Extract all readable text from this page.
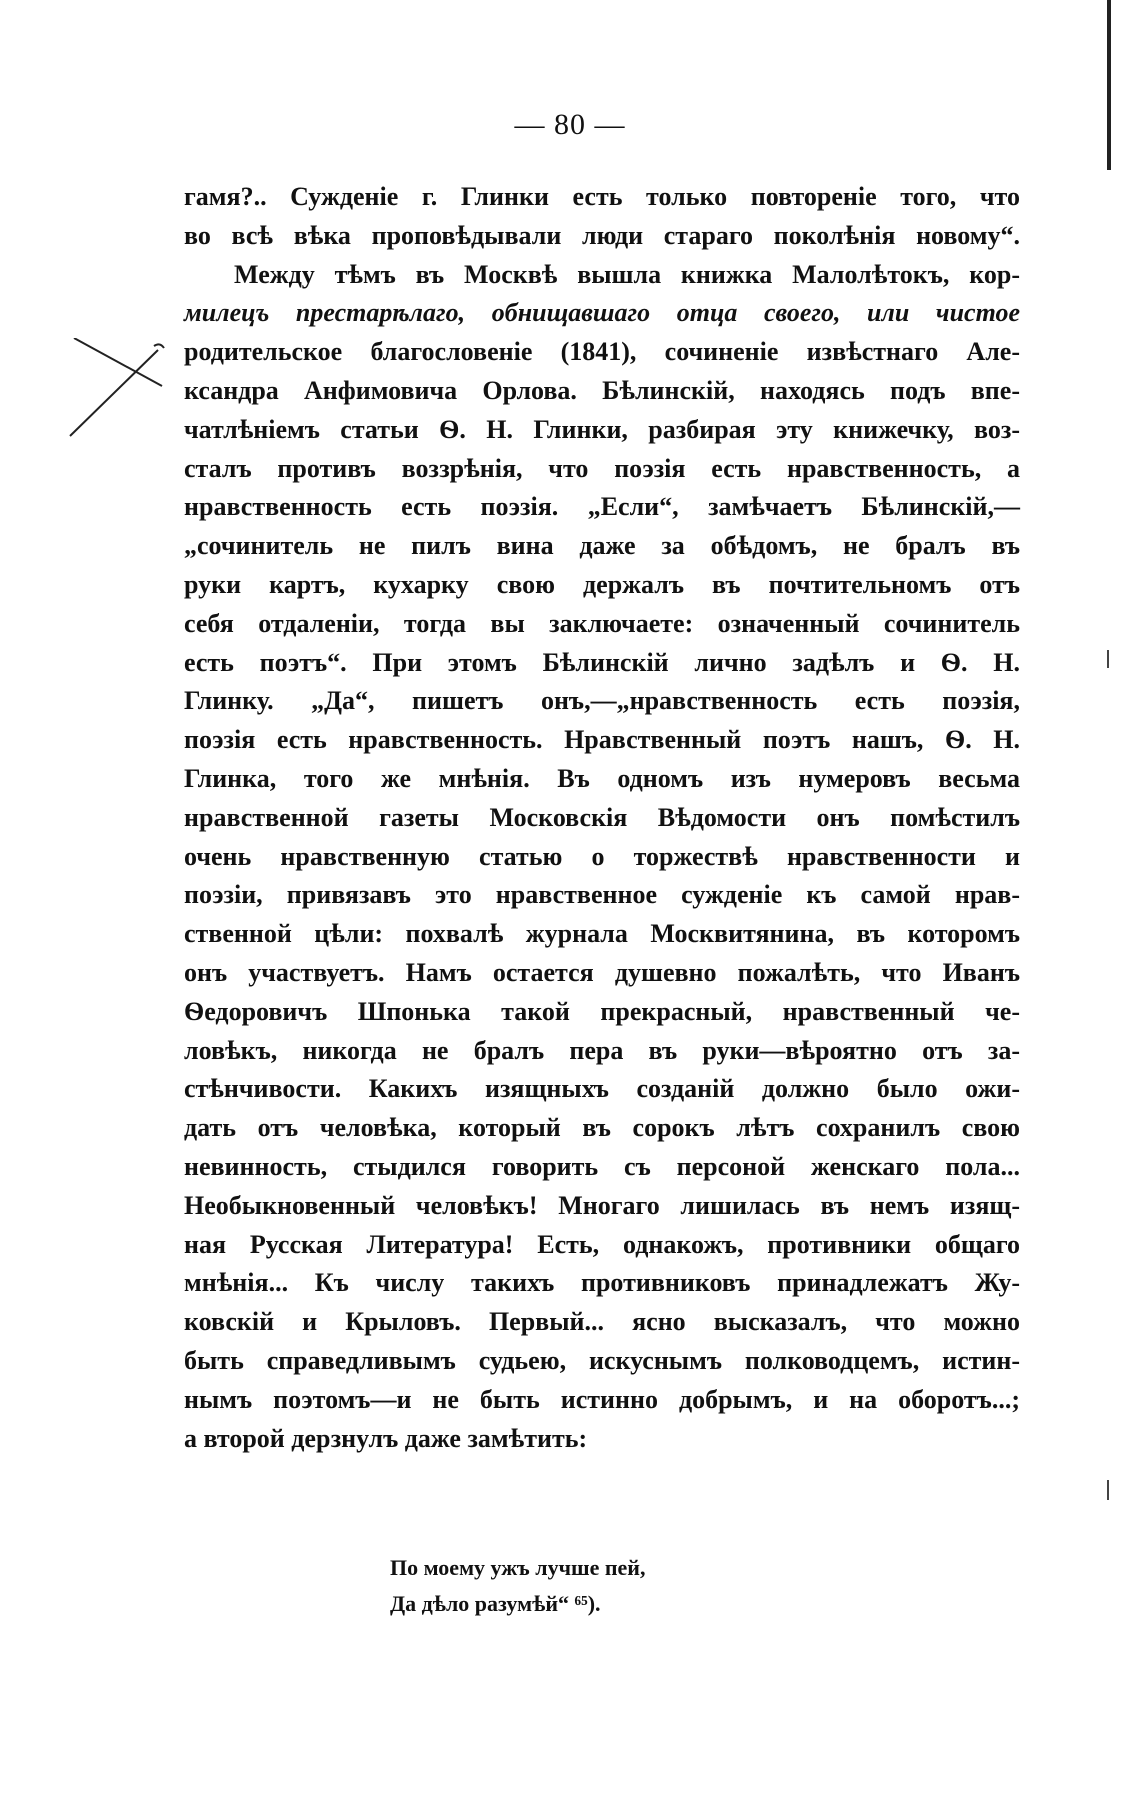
— 80 —
гамя?.. Сужденіе г. Глинки есть только повтореніе того, что
во всѣ вѣка проповѣдывали люди стараго поколѣнія новому“.
Между тѣмъ въ Москвѣ вышла книжка Малолѣтокъ, кор-
милецъ престарѣлаго, обнищавшаго отца своего, или чистое
родительское благословеніе (1841), сочиненіе извѣстнаго Але-
ксандра Анфимовича Орлова. Бѣлинскій, находясь подъ впе-
чатлѣніемъ статьи Ѳ. Н. Глинки, разбирая эту книжечку, воз-
сталъ противъ воззрѣнія, что поэзія есть нравственность, а
нравственность есть поэзія. „Если“, замѣчаетъ Бѣлинскій,—
„сочинитель не пилъ вина даже за обѣдомъ, не бралъ въ
руки картъ, кухарку свою держалъ въ почтительномъ отъ
себя отдаленіи, тогда вы заключаете: означенный сочинитель
есть поэтъ“. При этомъ Бѣлинскій лично задѣлъ и Ѳ. Н.
Глинку. „Да“, пишетъ онъ,—„нравственность есть поэзія,
поэзія есть нравственность. Нравственный поэтъ нашъ, Ѳ. Н.
Глинка, того же мнѣнія. Въ одномъ изъ нумеровъ весьма
нравственной газеты Московскія Вѣдомости онъ помѣстилъ
очень нравственную статью о торжествѣ нравственности и
поэзіи, привязавъ это нравственное сужденіе къ самой нрав-
ственной цѣли: похвалѣ журнала Москвитянина, въ которомъ
онъ участвуетъ. Намъ остается душевно пожалѣть, что Иванъ
Ѳедоровичъ Шпонька такой прекрасный, нравственный че-
ловѣкъ, никогда не бралъ пера въ руки—вѣроятно отъ за-
стѣнчивости. Какихъ изящныхъ созданій должно было ожи-
дать отъ человѣка, который въ сорокъ лѣтъ сохранилъ свою
невинность, стыдился говорить съ персоной женскаго пола...
Необыкновенный человѣкъ! Многаго лишилась въ немъ изящ-
ная Русская Литература! Есть, однакожъ, противники общаго
мнѣнія... Къ числу такихъ противниковъ принадлежатъ Жу-
ковскій и Крыловъ. Первый... ясно высказалъ, что можно
быть справедливымъ судьею, искуснымъ полководцемъ, истин-
нымъ поэтомъ—и не быть истинно добрымъ, и на оборотъ...;
а второй дерзнулъ даже замѣтить:
По моему ужъ лучше пей,
Да дѣло разумѣй“ ⁶⁵).
